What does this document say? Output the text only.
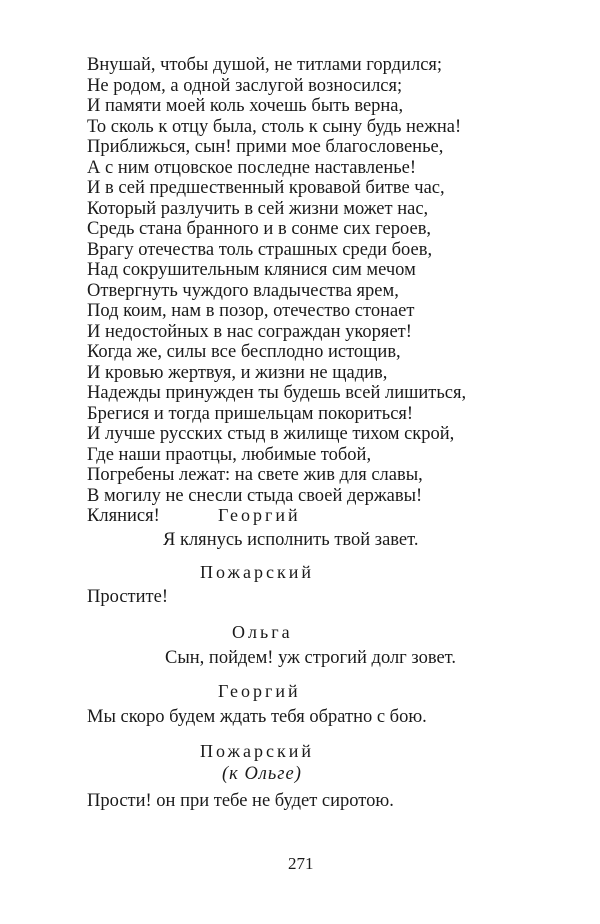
Внушай, чтобы душой, не титлами гордился;
Не родом, а одной заслугой возносился;
И памяти моей коль хочешь быть верна,
То сколь к отцу была, столь к сыну будь нежна!
Приближься, сын! прими мое благословенье,
А с ним отцовское последне наставленье!
И в сей предшественный кровавой битве час,
Который разлучить в сей жизни может нас,
Средь стана бранного и в сонме сих героев,
Врагу отечества толь страшных среди боев,
Над сокрушительным клянися сим мечом
Отвергнуть чуждого владычества ярем,
Под коим, нам в позор, отечество стонает
И недостойных в нас сограждан укоряет!
Когда же, силы все бесплодно истощив,
И кровью жертвуя, и жизни не щадив,
Надежды принужден ты будешь всей лишиться,
Брегися и тогда пришельцам покориться!
И лучше русских стыд в жилище тихом скрой,
Где наши праотцы, любимые тобой,
Погребены лежат: на свете жив для славы,
В могилу не снесли стыда своей державы!
Клянися!	Георгий
Я клянусь исполнить твой завет.
Пожарский
Простите!
Ольга
Сын, пойдем! уж строгий долг зовет.
Георгий
Мы скоро будем ждать тебя обратно с бою.
Пожарский
(к Ольге)
Прости! он при тебе не будет сиротою.
271
